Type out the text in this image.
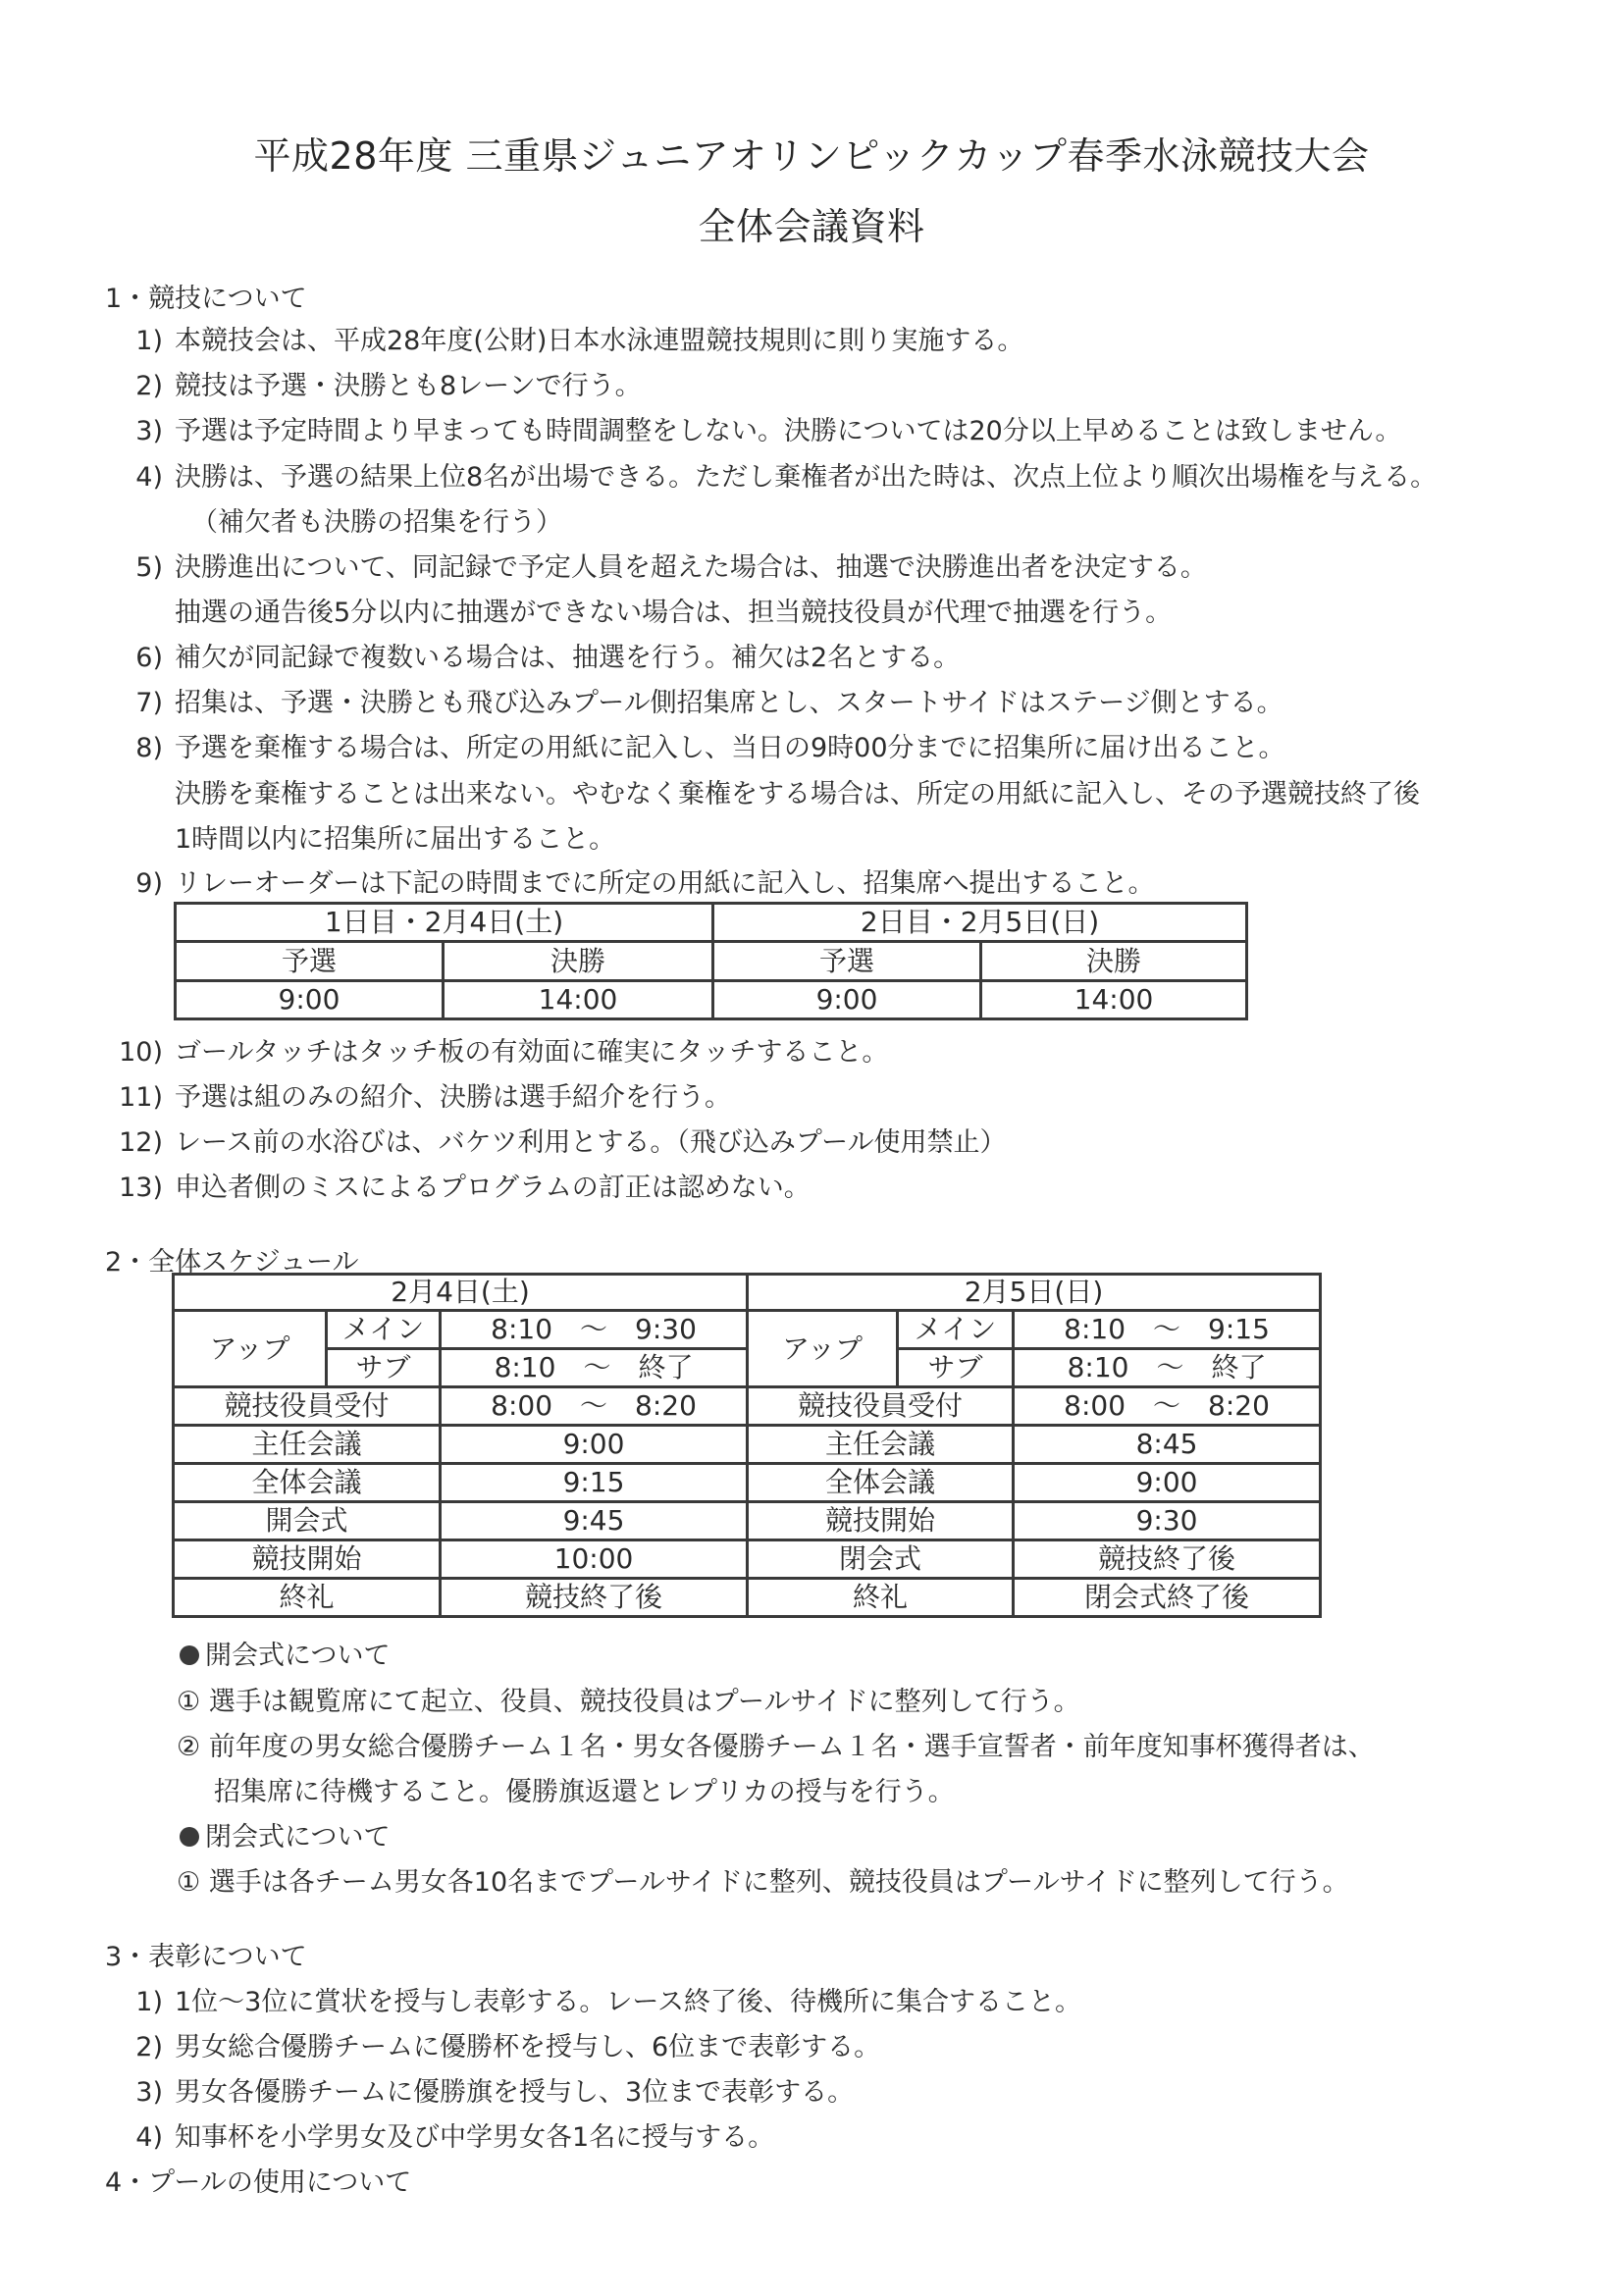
平成28年度 三重県ジュニアオリンピックカップ春季水泳競技大会
全体会議資料
1・競技について
1) 本競技会は、平成28年度(公財)日本水泳連盟競技規則に則り実施する。
2) 競技は予選・決勝とも8レーンで行う。
3) 予選は予定時間より早まっても時間調整をしない。決勝については20分以上早めることは致しません。
4) 決勝は、予選の結果上位8名が出場できる。ただし棄権者が出た時は、次点上位より順次出場権を与える。
（補欠者も決勝の招集を行う）
5) 決勝進出について、同記録で予定人員を超えた場合は、抽選で決勝進出者を決定する。
抽選の通告後5分以内に抽選ができない場合は、担当競技役員が代理で抽選を行う。
6) 補欠が同記録で複数いる場合は、抽選を行う。補欠は2名とする。
7) 招集は、予選・決勝とも飛び込みプール側招集席とし、スタートサイドはステージ側とする。
8) 予選を棄権する場合は、所定の用紙に記入し、当日の9時00分までに招集所に届け出ること。
決勝を棄権することは出来ない。やむなく棄権をする場合は、所定の用紙に記入し、その予選競技終了後
1時間以内に招集所に届出すること。
9) リレーオーダーは下記の時間までに所定の用紙に記入し、招集席へ提出すること。
1日目・2月4日(土)		2日目・2月5日(日)	
予選	決勝	予選	決勝
9:00	14:00	9:00	14:00
10) ゴールタッチはタッチ板の有効面に確実にタッチすること。
11) 予選は組のみの紹介、決勝は選手紹介を行う。
12) レース前の水浴びは、バケツ利用とする。（飛び込みプール使用禁止）
13) 申込者側のミスによるプログラムの訂正は認めない。
2・全体スケジュール
2月4日(土)			2月5日(日)		
アップ	メイン	8:10　～　9:30	アップ	メイン	8:10　～　9:15
	サブ	8:10　～　終了		サブ	8:10　～　終了
競技役員受付		8:00　～　8:20	競技役員受付		8:00　～　8:20
主任会議		9:00	主任会議		8:45
全体会議		9:15	全体会議		9:00
開会式		9:45	競技開始		9:30
競技開始		10:00	閉会式		競技終了後
終礼		競技終了後	終礼		閉会式終了後
開会式について
① 選手は観覧席にて起立、役員、競技役員はプールサイドに整列して行う。
② 前年度の男女総合優勝チーム１名・男女各優勝チーム１名・選手宣誓者・前年度知事杯獲得者は、
招集席に待機すること。優勝旗返還とレプリカの授与を行う。
閉会式について
① 選手は各チーム男女各10名までプールサイドに整列、競技役員はプールサイドに整列して行う。
3・表彰について
1) 1位～3位に賞状を授与し表彰する。レース終了後、待機所に集合すること。
2) 男女総合優勝チームに優勝杯を授与し、6位まで表彰する。
3) 男女各優勝チームに優勝旗を授与し、3位まで表彰する。
4) 知事杯を小学男女及び中学男女各1名に授与する。
4・プールの使用について
